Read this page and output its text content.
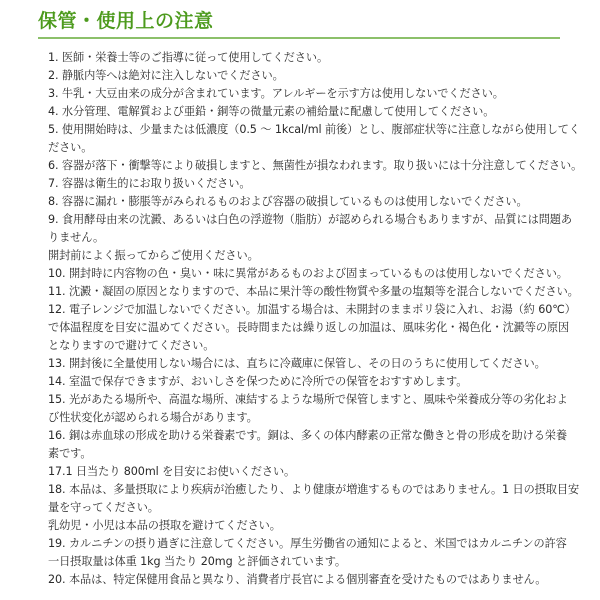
保管・使用上の注意
1. 医師・栄養士等のご指導に従って使用してください。
2. 静脈内等へは絶対に注入しないでください。
3. 牛乳・大豆由来の成分が含まれています。アレルギーを示す方は使用しないでください。
4. 水分管理、電解質および亜鉛・銅等の微量元素の補給量に配慮して使用してください。
5. 使用開始時は、少量または低濃度（0.5 ～ 1kcal/ml 前後）とし、腹部症状等に注意しながら使用してく
ださい。
6. 容器が落下・衝撃等により破損しますと、無菌性が損なわれます。取り扱いには十分注意してください。
7. 容器は衛生的にお取り扱いください。
8. 容器に漏れ・膨脹等がみられるものおよび容器の破損しているものは使用しないでください。
9. 食用酵母由来の沈澱、あるいは白色の浮遊物（脂肪）が認められる場合もありますが、品質には問題あ
りません。
開封前によく振ってからご使用ください。
10. 開封時に内容物の色・臭い・味に異常があるものおよび固まっているものは使用しないでください。
11. 沈澱・凝固の原因となりますので、本品に果汁等の酸性物質や多量の塩類等を混合しないでください。
12. 電子レンジで加温しないでください。加温する場合は、未開封のままポリ袋に入れ、お湯（約 60℃）
で体温程度を目安に温めてください。長時間または繰り返しの加温は、風味劣化・褐色化・沈澱等の原因
となりますので避けてください。
13. 開封後に全量使用しない場合には、直ちに冷蔵庫に保管し、その日のうちに使用してください。
14. 室温で保存できますが、おいしさを保つために冷所での保管をおすすめします。
15. 光があたる場所や、高温な場所、凍結するような場所で保管しますと、風味や栄養成分等の劣化およ
び性状変化が認められる場合があります。
16. 銅は赤血球の形成を助ける栄養素です。銅は、多くの体内酵素の正常な働きと骨の形成を助ける栄養
素です。
17.1 日当たり 800ml を目安にお使いください。
18. 本品は、多量摂取により疾病が治癒したり、より健康が増進するものではありません。1 日の摂取目安
量を守ってください。
乳幼児・小児は本品の摂取を避けてください。
19. カルニチンの摂り過ぎに注意してください。厚生労働省の通知によると、米国ではカルニチンの許容
一日摂取量は体重 1kg 当たり 20mg と評価されています。
20. 本品は、特定保健用食品と異なり、消費者庁長官による個別審査を受けたものではありません。
